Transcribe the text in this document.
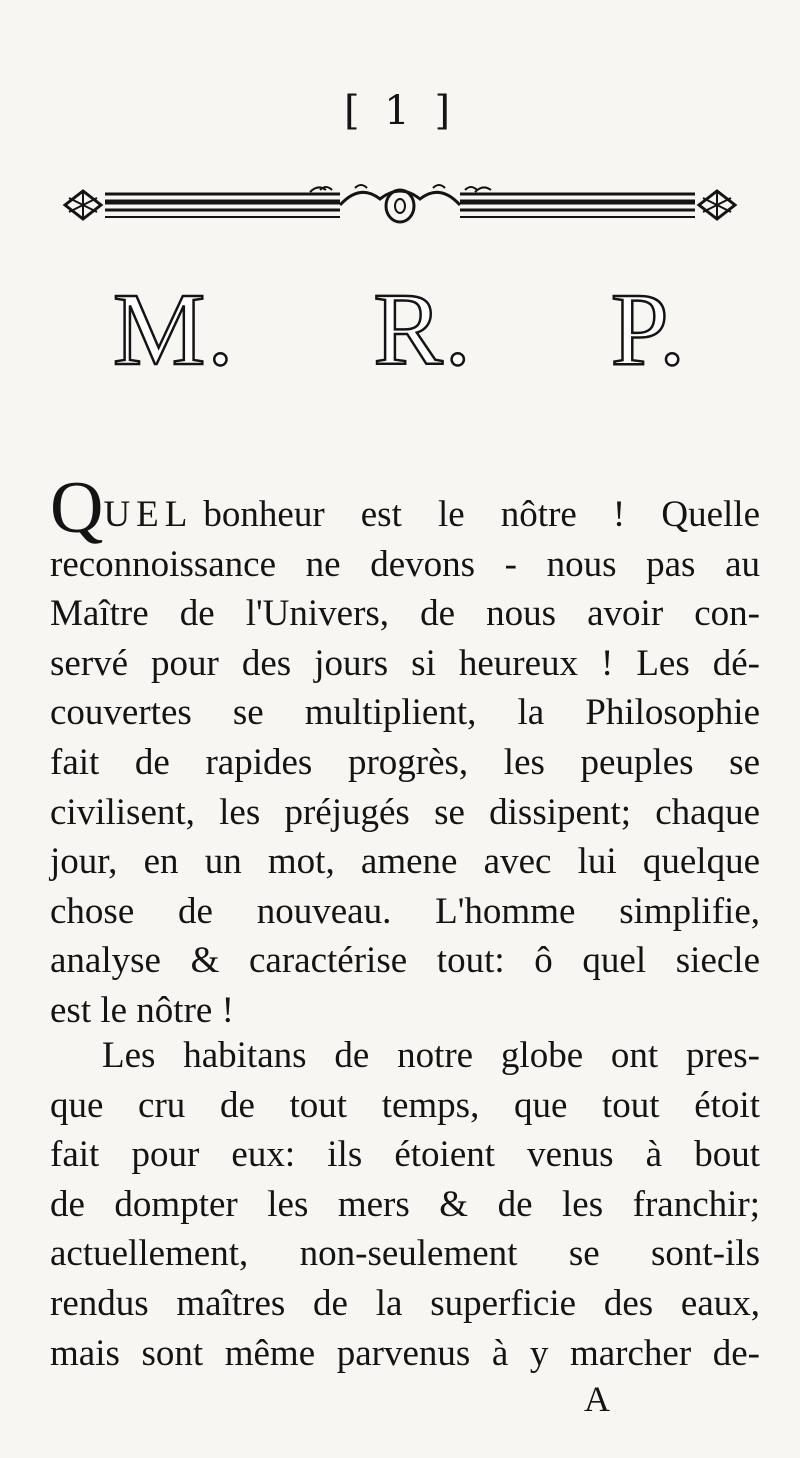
[ 1 ]
M. R. P.
QUEL bonheur est le nôtre ! Quelle
reconnoissance ne devons - nous pas au
Maître de l'Univers, de nous avoir con-
servé pour des jours si heureux ! Les dé-
couvertes se multiplient, la Philosophie
fait de rapides progrès, les peuples se
civilisent, les préjugés se dissipent; chaque
jour, en un mot, amene avec lui quelque
chose de nouveau. L'homme simplifie,
analyse & caractérise tout: ô quel siecle
est le nôtre !
Les habitans de notre globe ont pres-
que cru de tout temps, que tout étoit
fait pour eux: ils étoient venus à bout
de dompter les mers & de les franchir;
actuellement, non-seulement se sont-ils
rendus maîtres de la superficie des eaux,
mais sont même parvenus à y marcher de-
A
